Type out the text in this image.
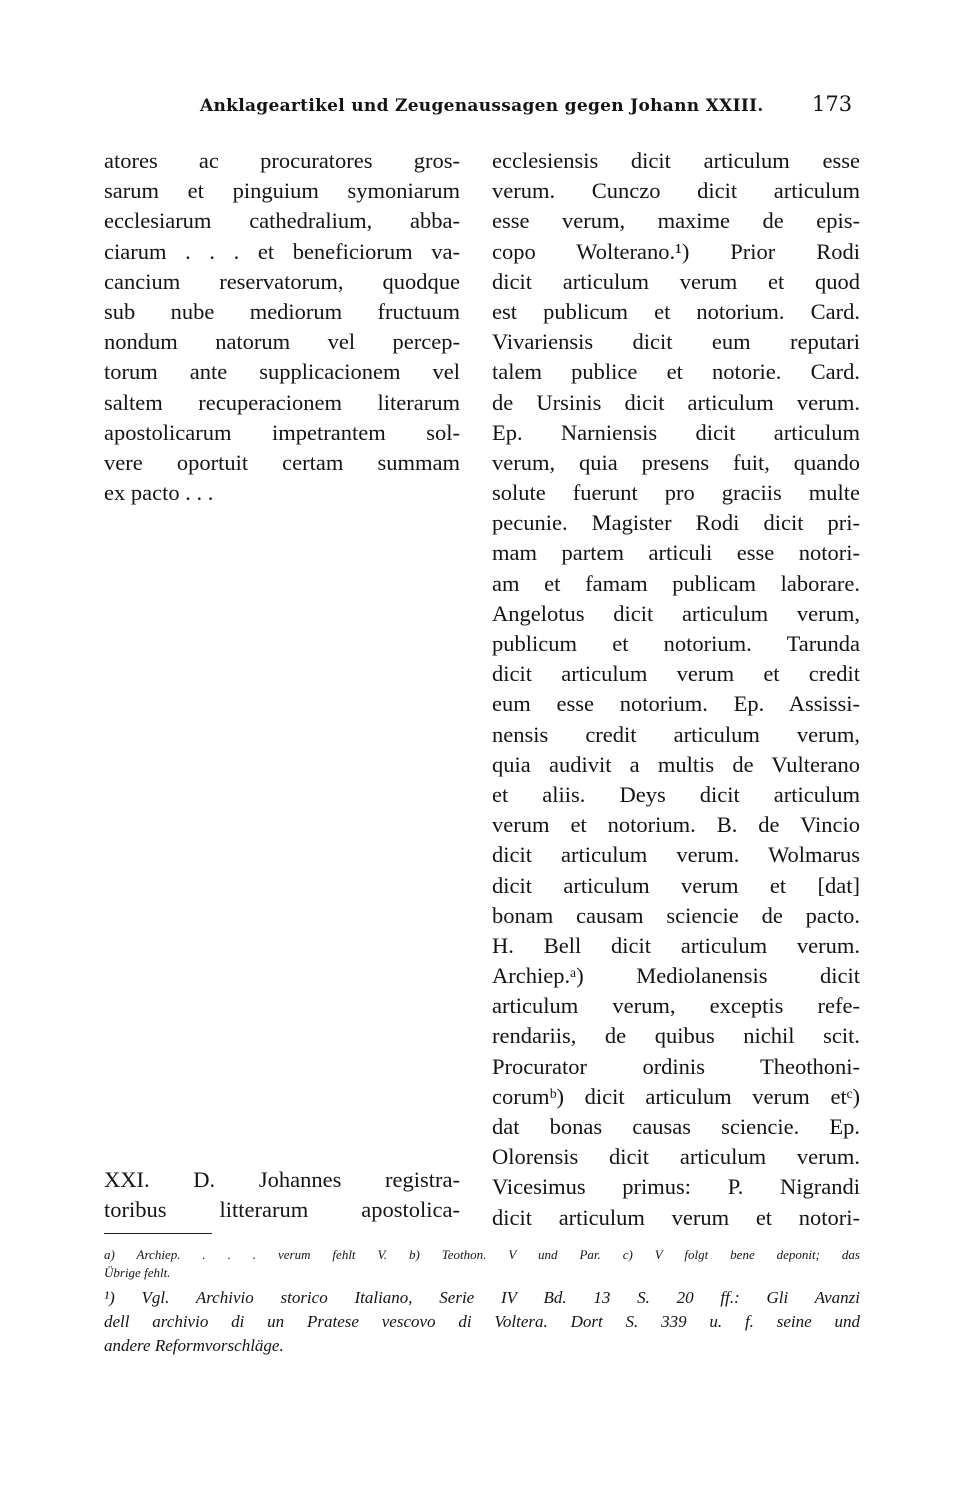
Anklageartikel und Zeugenaussagen gegen Johann XXIII. 173
atores ac procuratores gros-
sarum et pinguium symoniarum
ecclesiarum cathedralium, abba-
ciarum . . . et beneficiorum va-
cancium reservatorum, quodque
sub nube mediorum fructuum
nondum natorum vel percep-
torum ante supplicacionem vel
saltem recuperacionem literarum
apostolicarum impetrantem sol-
vere oportuit certam summam
ex pacto . . .
XXI. D. Johannes registra-
toribus litterarum apostolica-
ecclesiensis dicit articulum esse
verum. Cunczo dicit articulum
esse verum, maxime de epis-
copo Wolterano.¹) Prior Rodi
dicit articulum verum et quod
est publicum et notorium. Card.
Vivariensis dicit eum reputari
talem publice et notorie. Card.
de Ursinis dicit articulum verum.
Ep. Narniensis dicit articulum
verum, quia presens fuit, quando
solute fuerunt pro graciis multe
pecunie. Magister Rodi dicit pri-
mam partem articuli esse notori-
am et famam publicam laborare.
Angelotus dicit articulum verum,
publicum et notorium. Tarunda
dicit articulum verum et credit
eum esse notorium. Ep. Assissi-
nensis credit articulum verum,
quia audivit a multis de Vulterano
et aliis. Deys dicit articulum
verum et notorium. B. de Vincio
dicit articulum verum. Wolmarus
dicit articulum verum et [dat]
bonam causam sciencie de pacto.
H. Bell dicit articulum verum.
Archiep.ᵃ) Mediolanensis dicit
articulum verum, exceptis refe-
rendariis, de quibus nichil scit.
Procurator ordinis Theothoni-
corumᵇ) dicit articulum verum etᶜ)
dat bonas causas sciencie. Ep.
Olorensis dicit articulum verum.
Vicesimus primus: P. Nigrandi
dicit articulum verum et notori-
a) Archiep. . . . verum fehlt V. b) Teothon. V und Par. c) V folgt bene deponit; das
Übrige fehlt.
¹) Vgl. Archivio storico Italiano, Serie IV Bd. 13 S. 20 ff.: Gli Avanzi
dell archivio di un Pratese vescovo di Voltera. Dort S. 339 u. f. seine und
andere Reformvorschläge.
